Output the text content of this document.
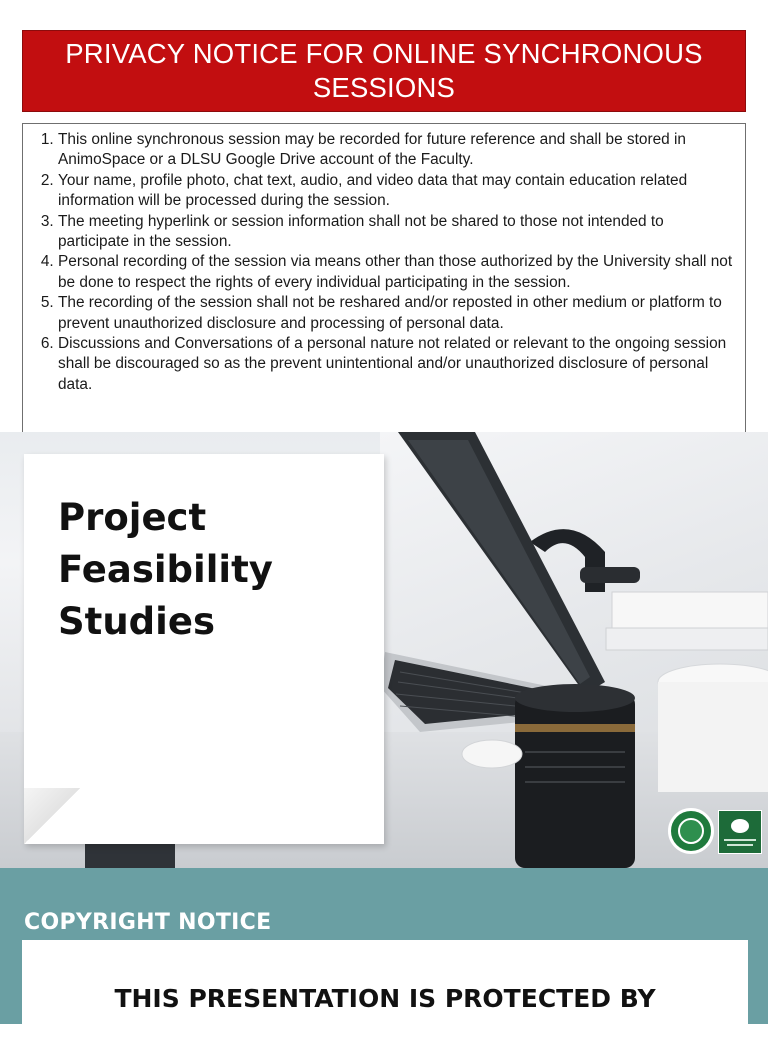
PRIVACY NOTICE FOR ONLINE SYNCHRONOUS
SESSIONS
1. This online synchronous session may be recorded for future reference and shall be stored in AnimoSpace or a DLSU Google Drive account of the Faculty.
2. Your name, profile photo, chat text, audio, and video data that may contain education related information will be processed during the session.
3. The meeting hyperlink or session information shall not be shared to those not intended to participate in the session.
4. Personal recording of the session via means other than those authorized by the University shall not be done to respect the rights of every individual participating in the session.
5. The recording of the session shall not be reshared and/or reposted in other medium or platform to prevent unauthorized disclosure and processing of personal data.
6. Discussions and Conversations of a personal nature not related or relevant to the ongoing session shall be discouraged so as the prevent unintentional and/or unauthorized disclosure of personal data.
Project
Feasibility
Studies
COPYRIGHT NOTICE
THIS PRESENTATION IS PROTECTED BY
